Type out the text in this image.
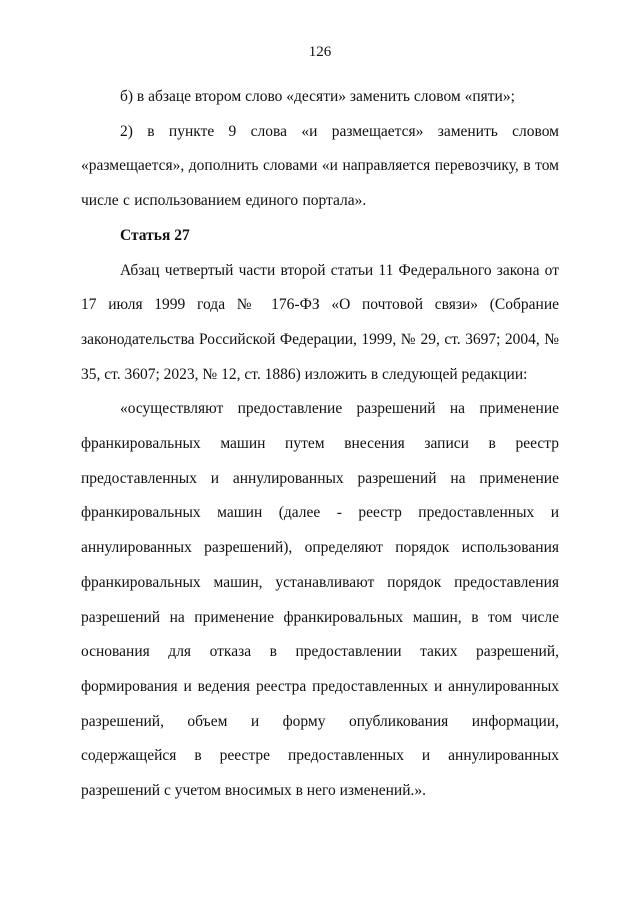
126

б) в абзаце втором слово «десяти» заменить словом «пяти»;

2) в пункте 9 слова «и размещается» заменить словом «размещается», дополнить словами «и направляется перевозчику, в том числе с использованием единого портала».

Статья 27

Абзац четвертый части второй статьи 11 Федерального закона от 17 июля 1999 года № 176-ФЗ «О почтовой связи» (Собрание законодательства Российской Федерации, 1999, № 29, ст. 3697; 2004, № 35, ст. 3607; 2023, № 12, ст. 1886) изложить в следующей редакции:

«осуществляют предоставление разрешений на применение франкировальных машин путем внесения записи в реестр предоставленных и аннулированных разрешений на применение франкировальных машин (далее - реестр предоставленных и аннулированных разрешений), определяют порядок использования франкировальных машин, устанавливают порядок предоставления разрешений на применение франкировальных машин, в том числе основания для отказа в предоставлении таких разрешений, формирования и ведения реестра предоставленных и аннулированных разрешений, объем и форму опубликования информации, содержащейся в реестре предоставленных и аннулированных разрешений с учетом вносимых в него изменений.».
